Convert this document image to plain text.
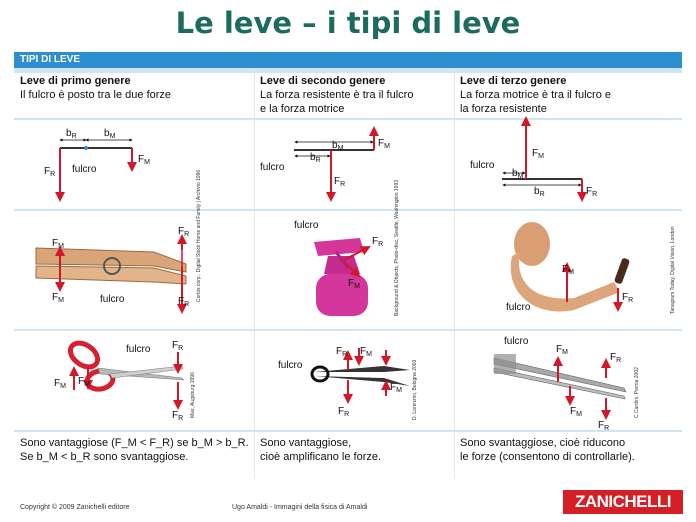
Le leve – i tipi di leve
TIPI DI LEVE
Leve di primo genere
Il fulcro è posto tra le due forze
Leve di secondo genere
La forza resistente è tra il fulcro
e la forza motrice
Leve di terzo genere
La forza motrice è tra il fulcro e
la forza resistente
Sono vantaggiose (F_M < F_R) se b_M > b_R.
Se b_M < b_R sono svantaggiose.
Sono vantaggiose,
cioè amplificano le forze.
Sono svantaggiose, cioè riducono
le forze (consentono di controllarle).
$b_R$	$b_M$
fulcro
$F_R$
$F_M$
$b_M$
$b_R$
fulcro
$F_M$
$F_R$
fulcro
$b_M$
$b_R$
$F_M$
$F_R$
$F_M$
$F_M$	fulcro
$F_R$
$F_R$
fulcro
$F_R$
$F_M$
$F_M$
fulcro
$F_R$
fulcro
$F_M$ $F_M$
$F_R$
$F_R$
fulcro
$F_R$ $F_M$
$F_M$
$F_R$
fulcro
$F_M$	$F_R$
$F_M$
$F_R$
Corbis corp., Digital Stock Home and Family | Archivio 1996	Background & Objects, Photo-disc, Seattle, Washington 1993	Tanagram Today, Digital Vision, London
Max, Augsburg 1996	D. Lorenzini, Bologna 2003	C.Cardini, Parma 2002
Copyright © 2009 Zanichelli editore	Ugo Amaldi - Immagini della fisica di Amaldi	ZANICHELLI
